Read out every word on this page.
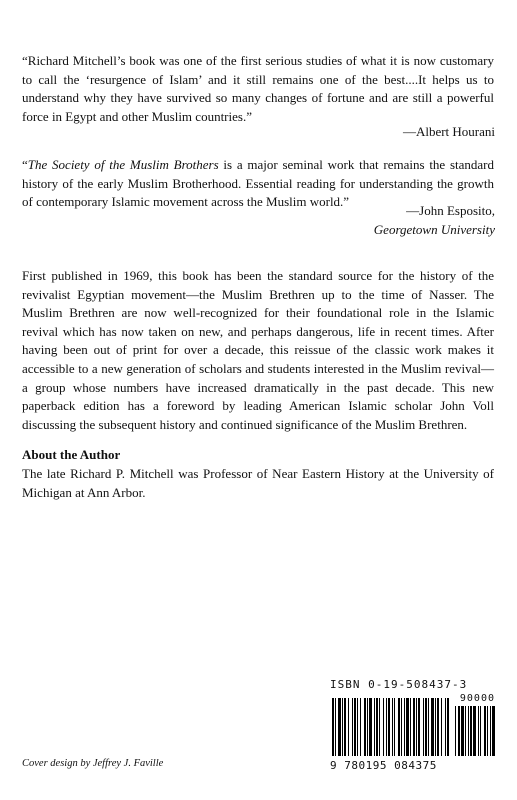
“Richard Mitchell’s book was one of the first serious studies of what it is now customary to call the ‘resurgence of Islam’ and it still remains one of the best....It helps us to understand why they have survived so many changes of fortune and are still a powerful force in Egypt and other Muslim countries.”

—Albert Hourani

“The Society of the Muslim Brothers is a major seminal work that remains the standard history of the early Muslim Brotherhood. Essential reading for understanding the growth of contemporary Islamic movement across the Muslim world.”

—John Esposito,
Georgetown University

First published in 1969, this book has been the standard source for the history of the revivalist Egyptian movement—the Muslim Brethren up to the time of Nasser. The Muslim Brethren are now well-recognized for their foundational role in the Islamic revival which has now taken on new, and perhaps dangerous, life in recent times. After having been out of print for over a decade, this reissue of the classic work makes it accessible to a new generation of scholars and students interested in the Muslim revival—a group whose numbers have increased dramatically in the past decade. This new paperback edition has a foreword by leading American Islamic scholar John Voll discussing the subsequent history and continued significance of the Muslim Brethren.

About the Author

The late Richard P. Mitchell was Professor of Near Eastern History at the University of Michigan at Ann Arbor.

ISBN 0-19-508437-3
90000
9 780195 084375
Cover design by Jeffrey J. Faville
